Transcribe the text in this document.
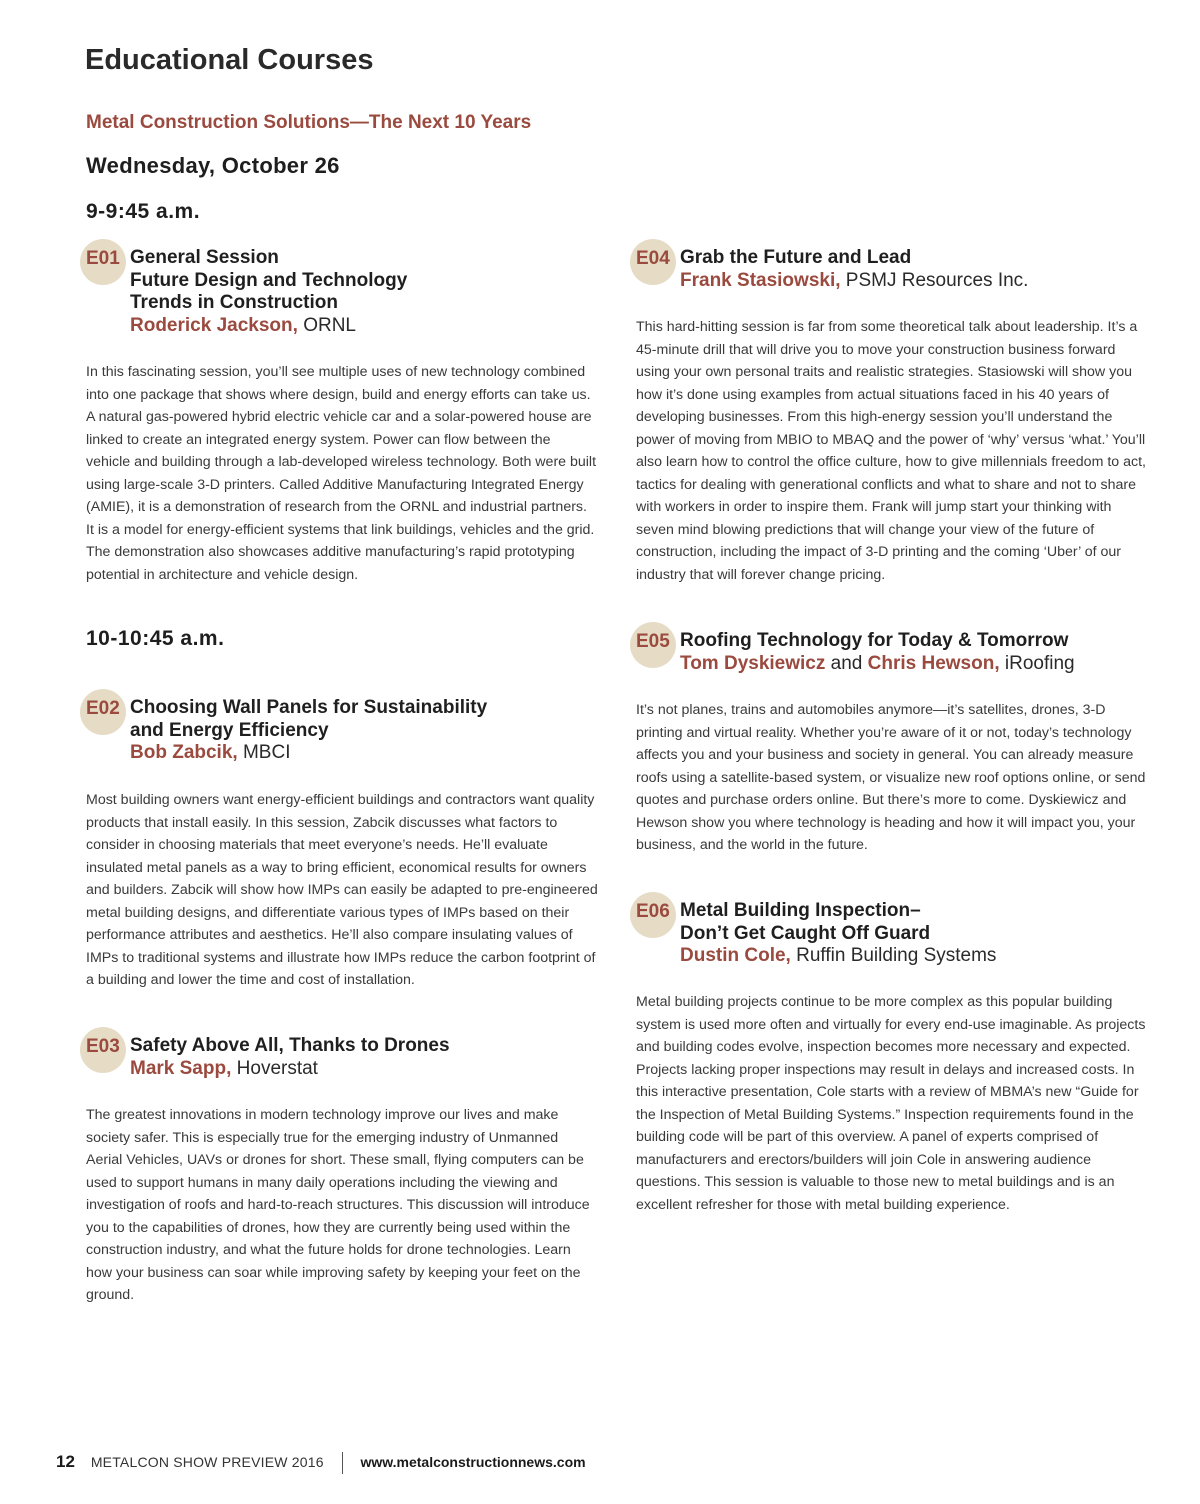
Educational Courses
Metal Construction Solutions—The Next 10 Years
Wednesday, October 26
9-9:45 a.m.
10-10:45 a.m.
E01 General Session
Future Design and Technology
Trends in Construction
Roderick Jackson, ORNL

In this fascinating session, you’ll see multiple uses of new technology combined into one package that shows where design, build and energy efforts can take us. A natural gas-powered hybrid electric vehicle car and a solar-powered house are linked to create an integrated energy system. Power can flow between the vehicle and building through a lab-developed wireless technology. Both were built using large-scale 3-D printers. Called Additive Manufacturing Integrated Energy (AMIE), it is a demonstration of research from the ORNL and industrial partners. It is a model for energy-efficient systems that link buildings, vehicles and the grid. The demonstration also showcases additive manufacturing’s rapid prototyping potential in architecture and vehicle design.

E02 Choosing Wall Panels for Sustainability
and Energy Efficiency
Bob Zabcik, MBCI

Most building owners want energy-efficient buildings and contractors want quality products that install easily. In this session, Zabcik discusses what factors to consider in choosing materials that meet everyone’s needs. He’ll evaluate insulated metal panels as a way to bring efficient, economical results for owners and builders. Zabcik will show how IMPs can easily be adapted to pre-engineered metal building designs, and differentiate various types of IMPs based on their performance attributes and aesthetics. He’ll also compare insulating values of IMPs to traditional systems and illustrate how IMPs reduce the carbon footprint of a building and lower the time and cost of installation.

E03 Safety Above All, Thanks to Drones
Mark Sapp, Hoverstat

The greatest innovations in modern technology improve our lives and make society safer. This is especially true for the emerging industry of Unmanned Aerial Vehicles, UAVs or drones for short. These small, flying computers can be used to support humans in many daily operations including the viewing and investigation of roofs and hard-to-reach structures. This discussion will introduce you to the capabilities of drones, how they are currently being used within the construction industry, and what the future holds for drone technologies. Learn how your business can soar while improving safety by keeping your feet on the ground.

E04 Grab the Future and Lead
Frank Stasiowski, PSMJ Resources Inc.

This hard-hitting session is far from some theoretical talk about leadership. It’s a 45-minute drill that will drive you to move your construction business forward using your own personal traits and realistic strategies. Stasiowski will show you how it’s done using examples from actual situations faced in his 40 years of developing businesses. From this high-energy session you’ll understand the power of moving from MBIO to MBAQ and the power of ‘why’ versus ‘what.’ You’ll also learn how to control the office culture, how to give millennials freedom to act, tactics for dealing with generational conflicts and what to share and not to share with workers in order to inspire them. Frank will jump start your thinking with seven mind blowing predictions that will change your view of the future of construction, including the impact of 3-D printing and the coming ‘Uber’ of our industry that will forever change pricing.

E05 Roofing Technology for Today & Tomorrow
Tom Dyskiewicz and Chris Hewson, iRoofing

It’s not planes, trains and automobiles anymore—it’s satellites, drones, 3-D printing and virtual reality. Whether you’re aware of it or not, today’s technology affects you and your business and society in general. You can already measure roofs using a satellite-based system, or visualize new roof options online, or send quotes and purchase orders online. But there’s more to come. Dyskiewicz and Hewson show you where technology is heading and how it will impact you, your business, and the world in the future.

E06 Metal Building Inspection–
Don’t Get Caught Off Guard
Dustin Cole, Ruffin Building Systems

Metal building projects continue to be more complex as this popular building system is used more often and virtually for every end-use imaginable. As projects and building codes evolve, inspection becomes more necessary and expected. Projects lacking proper inspections may result in delays and increased costs. In this interactive presentation, Cole starts with a review of MBMA’s new “Guide for the Inspection of Metal Building Systems.” Inspection requirements found in the building code will be part of this overview. A panel of experts comprised of manufacturers and erectors/builders will join Cole in answering audience questions. This session is valuable to those new to metal buildings and is an excellent refresher for those with metal building experience.

12 METALCON SHOW PREVIEW 2016	www.metalconstructionnews.com
